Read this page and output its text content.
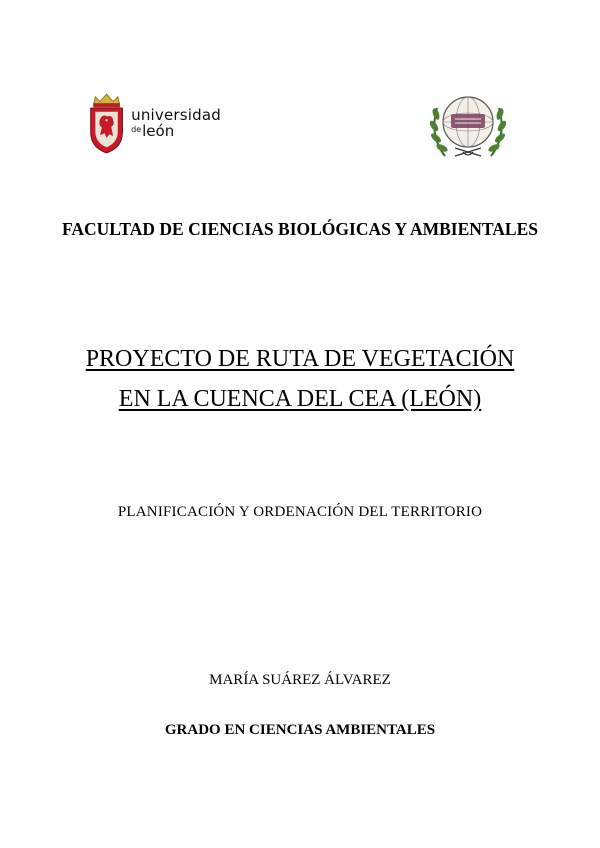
universidad
$^{de}$león
FACULTAD DE CIENCIAS BIOLÓGICAS Y AMBIENTALES
PROYECTO DE RUTA DE VEGETACIÓN EN LA CUENCA DEL CEA (LEÓN)
PLANIFICACIÓN Y ORDENACIÓN DEL TERRITORIO
MARÍA SUÁREZ ÁLVAREZ
GRADO EN CIENCIAS AMBIENTALES
